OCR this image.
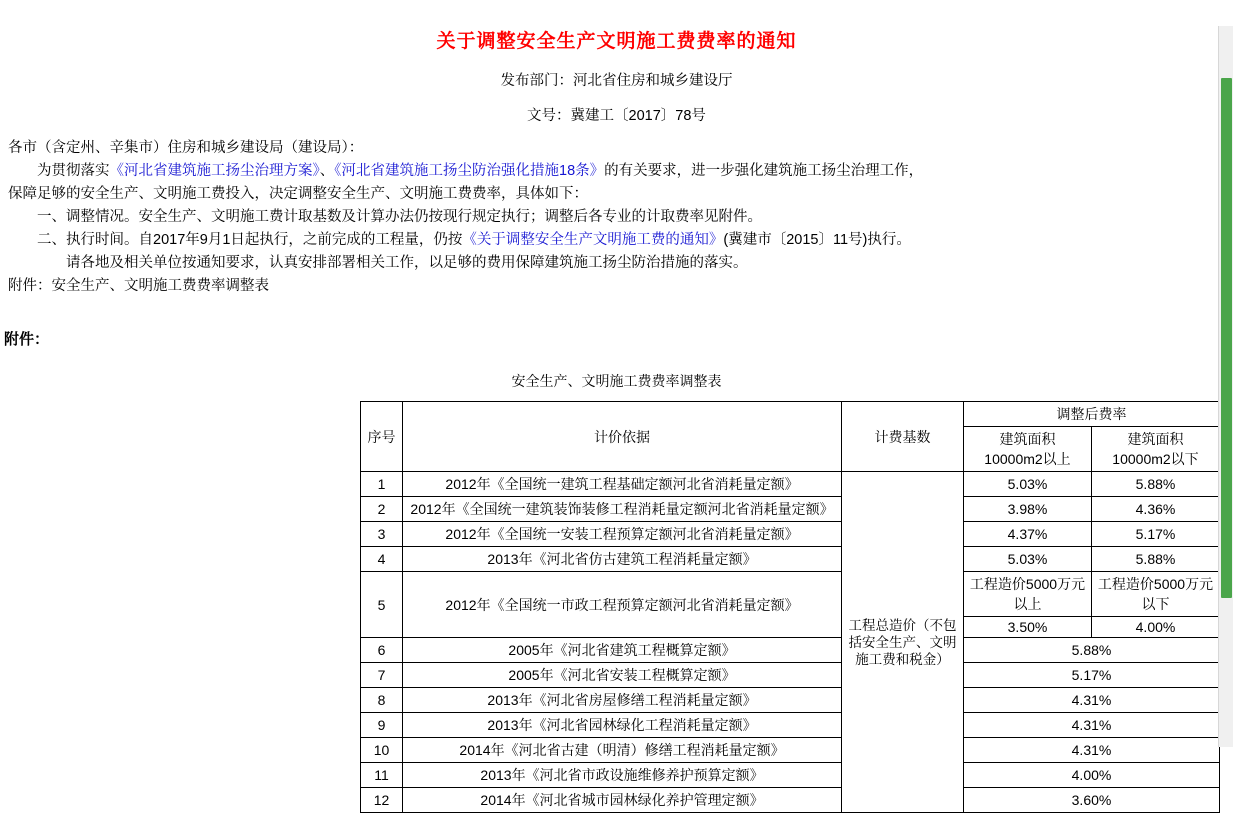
关于调整安全生产文明施工费费率的通知
发布部门：河北省住房和城乡建设厅
文号：冀建工〔2017〕78号

各市（含定州、辛集市）住房和城乡建设局（建设局）：

为贯彻落实《河北省建筑施工扬尘治理方案》、《河北省建筑施工扬尘防治强化措施18条》的有关要求，进一步强化建筑施工扬尘治理工作，

保障足够的安全生产、文明施工费投入，决定调整安全生产、文明施工费费率，具体如下：

一、调整情况。安全生产、文明施工费计取基数及计算办法仍按现行规定执行；调整后各专业的计取费率见附件。

二、执行时间。自2017年9月1日起执行，之前完成的工程量，仍按《关于调整安全生产文明施工费的通知》(冀建市〔2015〕11号)执行。

请各地及相关单位按通知要求，认真安排部署相关工作，以足够的费用保障建筑施工扬尘防治措施的落实。

附件：安全生产、文明施工费费率调整表

附件：
安全生产、文明施工费费率调整表
序号	计价依据	计费基数	调整后费率	

建筑面积
10000m2以上

建筑面积
10000m2以下

1	2012年《全国统一建筑工程基础定额河北省消耗量定额》	工程总造价（不包括安全生产、文明施工费和税金）	5.03%	5.88%
2	2012年《全国统一建筑装饰装修工程消耗量定额河北省消耗量定额》		3.98%	4.36%
3	2012年《全国统一安装工程预算定额河北省消耗量定额》		4.37%	5.17%
4	2013年《河北省仿古建筑工程消耗量定额》		5.03%	5.88%
5	2012年《全国统一市政工程预算定额河北省消耗量定额》		工程造价5000万元以上	工程造价5000万元以下
			3.50%	4.00%
6	2005年《河北省建筑工程概算定额》		5.88%	
7	2005年《河北省安装工程概算定额》		5.17%	
8	2013年《河北省房屋修缮工程消耗量定额》		4.31%	
9	2013年《河北省园林绿化工程消耗量定额》		4.31%	
10	2014年《河北省古建（明清）修缮工程消耗量定额》		4.31%	
11	2013年《河北省市政设施维修养护预算定额》		4.00%	
12	2014年《河北省城市园林绿化养护管理定额》		3.60%	
